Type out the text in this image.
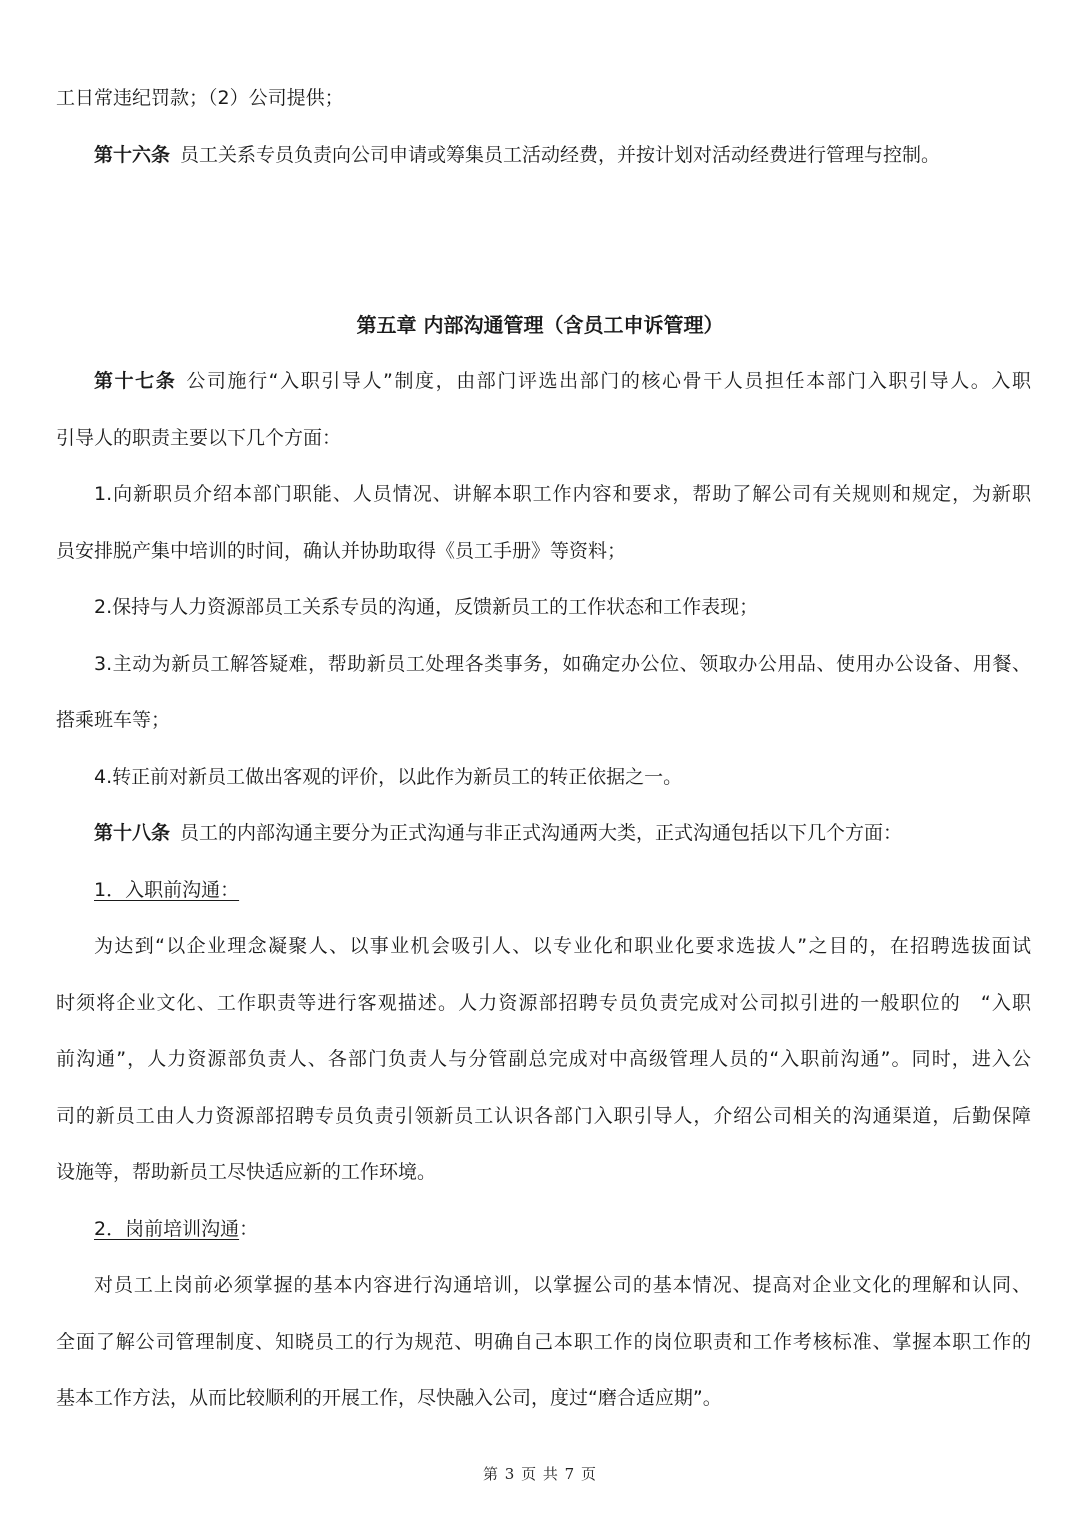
工日常违纪罚款；（2）公司提供；
第十六条 员工关系专员负责向公司申请或筹集员工活动经费，并按计划对活动经费进行管理与控制。
第五章 内部沟通管理（含员工申诉管理）
第十七条 公司施行“入职引导人”制度，由部门评选出部门的核心骨干人员担任本部门入职引导人。入职
引导人的职责主要以下几个方面：
1.向新职员介绍本部门职能、人员情况、讲解本职工作内容和要求，帮助了解公司有关规则和规定，为新职
员安排脱产集中培训的时间，确认并协助取得《员工手册》等资料；
2.保持与人力资源部员工关系专员的沟通，反馈新员工的工作状态和工作表现；
3.主动为新员工解答疑难，帮助新员工处理各类事务，如确定办公位、领取办公用品、使用办公设备、用餐、
搭乘班车等；
4.转正前对新员工做出客观的评价，以此作为新员工的转正依据之一。
第十八条 员工的内部沟通主要分为正式沟通与非正式沟通两大类，正式沟通包括以下几个方面：
1．入职前沟通：
为达到“以企业理念凝聚人、以事业机会吸引人、以专业化和职业化要求选拔人”之目的，在招聘选拔面试
时须将企业文化、工作职责等进行客观描述。人力资源部招聘专员负责完成对公司拟引进的一般职位的　“入职
前沟通”，人力资源部负责人、各部门负责人与分管副总完成对中高级管理人员的“入职前沟通”。同时，进入公
司的新员工由人力资源部招聘专员负责引领新员工认识各部门入职引导人，介绍公司相关的沟通渠道，后勤保障
设施等，帮助新员工尽快适应新的工作环境。
2．岗前培训沟通：
对员工上岗前必须掌握的基本内容进行沟通培训，以掌握公司的基本情况、提高对企业文化的理解和认同、
全面了解公司管理制度、知晓员工的行为规范、明确自己本职工作的岗位职责和工作考核标准、掌握本职工作的
基本工作方法，从而比较顺利的开展工作，尽快融入公司，度过“磨合适应期”。
第 3 页 共 7 页
